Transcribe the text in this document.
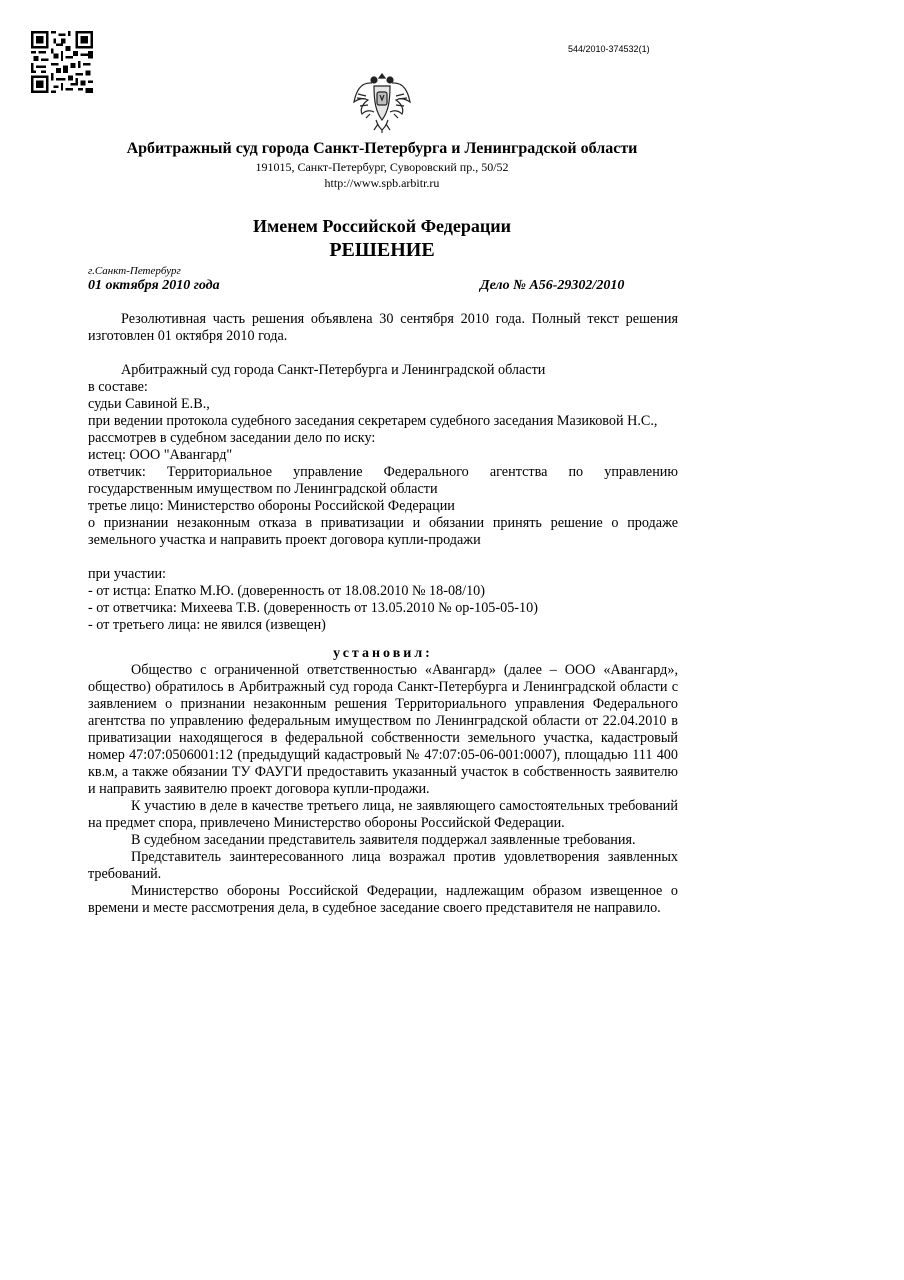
544/2010-374532(1)
Арбитражный суд города Санкт-Петербурга и Ленинградской области
191015, Санкт-Петербург, Суворовский пр., 50/52
http://www.spb.arbitr.ru
Именем Российской Федерации
РЕШЕНИЕ
г.Санкт-Петербург
01 октября 2010 года	Дело № А56-29302/2010

Резолютивная часть решения объявлена 30 сентября 2010 года. Полный текст решения изготовлен 01 октября 2010 года.

Арбитражный суд города Санкт-Петербурга и Ленинградской области

в составе:

судьи Савиной Е.В.,

при ведении протокола судебного заседания секретарем судебного заседания Мазиковой Н.С.,

рассмотрев в судебном заседании дело по иску:

истец: ООО "Авангард"

ответчик: Территориальное управление Федерального агентства по управлению государственным имуществом по Ленинградской области

третье лицо: Министерство обороны Российской Федерации

о признании незаконным отказа в приватизации и обязании принять решение о продаже земельного участка и направить проект договора купли-продажи

при участии:

- от истца: Епатко М.Ю. (доверенность от 18.08.2010 № 18-08/10)

- от ответчика: Михеева Т.В. (доверенность от 13.05.2010 № ор-105-05-10)

- от третьего лица: не явился (извещен)

установил:

Общество с ограниченной ответственностью «Авангард» (далее – ООО «Авангард», общество) обратилось в Арбитражный суд города Санкт-Петербурга и Ленинградской области с заявлением о признании незаконным решения Территориального управления Федерального агентства по управлению федеральным имуществом по Ленинградской области от 22.04.2010 в приватизации находящегося в федеральной собственности земельного участка, кадастровый номер 47:07:0506001:12 (предыдущий кадастровый № 47:07:05-06-001:0007), площадью 111 400 кв.м, а также обязании ТУ ФАУГИ предоставить указанный участок в собственность заявителю и направить заявителю проект договора купли-продажи.

К участию в деле в качестве третьего лица, не заявляющего самостоятельных требований на предмет спора, привлечено Министерство обороны Российской Федерации.

В судебном заседании представитель заявителя поддержал заявленные требования.

Представитель заинтересованного лица возражал против удовлетворения заявленных требований.

Министерство обороны Российской Федерации, надлежащим образом извещенное о времени и месте рассмотрения дела, в судебное заседание своего представителя не направило.
